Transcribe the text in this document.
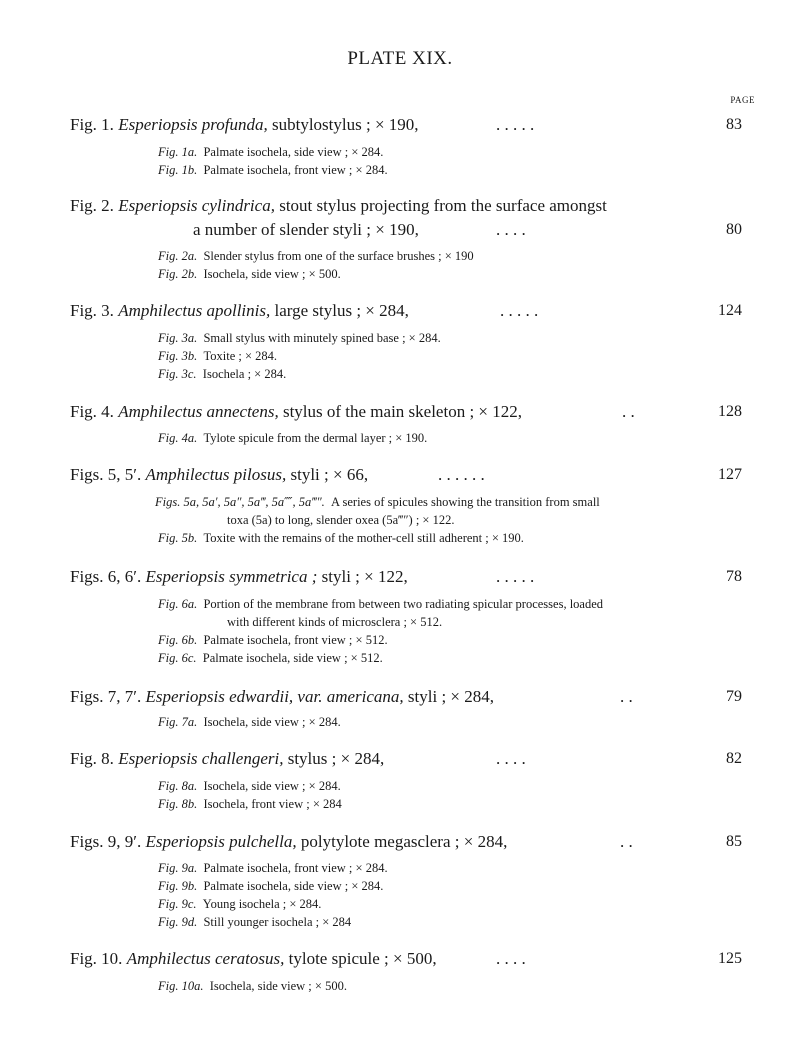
PLATE XIX.
PAGE
Fig. 1. Esperiopsis profunda, subtylostylus ; × 190,	. . . . .	83
Fig. 1a. Palmate isochela, side view ; × 284.
Fig. 1b. Palmate isochela, front view ; × 284.
Fig. 2. Esperiopsis cylindrica, stout stylus projecting from the surface amongst
a number of slender styli ; × 190,	. . . .	80
Fig. 2a. Slender stylus from one of the surface brushes ; × 190
Fig. 2b. Isochela, side view ; × 500.
Fig. 3. Amphilectus apollinis, large stylus ; × 284,	. . . . .	124
Fig. 3a. Small stylus with minutely spined base ; × 284.
Fig. 3b. Toxite ; × 284.
Fig. 3c. Isochela ; × 284.
Fig. 4. Amphilectus annectens, stylus of the main skeleton ; × 122,	. .	128
Fig. 4a. Tylote spicule from the dermal layer ; × 190.
Figs. 5, 5′. Amphilectus pilosus, styli ; × 66,	. . . . . .	127
Figs. 5a, 5a′, 5a″, 5a‴, 5a⁗, 5a‴″. A series of spicules showing the transition from small
toxa (5a) to long, slender oxea (5a‴″) ; × 122.
Fig. 5b. Toxite with the remains of the mother-cell still adherent ; × 190.
Figs. 6, 6′. Esperiopsis symmetrica ; styli ; × 122,	. . . . .	78
Fig. 6a. Portion of the membrane from between two radiating spicular processes, loaded
with different kinds of microsclera ; × 512.
Fig. 6b. Palmate isochela, front view ; × 512.
Fig. 6c. Palmate isochela, side view ; × 512.
Figs. 7, 7′. Esperiopsis edwardii, var. americana, styli ; × 284,	. .	79
Fig. 7a. Isochela, side view ; × 284.
Fig. 8. Esperiopsis challengeri, stylus ; × 284,	. . . .	82
Fig. 8a. Isochela, side view ; × 284.
Fig. 8b. Isochela, front view ; × 284
Figs. 9, 9′. Esperiopsis pulchella, polytylote megasclera ; × 284,	. .	85
Fig. 9a. Palmate isochela, front view ; × 284.
Fig. 9b. Palmate isochela, side view ; × 284.
Fig. 9c. Young isochela ; × 284.
Fig. 9d. Still younger isochela ; × 284
Fig. 10. Amphilectus ceratosus, tylote spicule ; × 500,	. . . .	125
Fig. 10a. Isochela, side view ; × 500.
